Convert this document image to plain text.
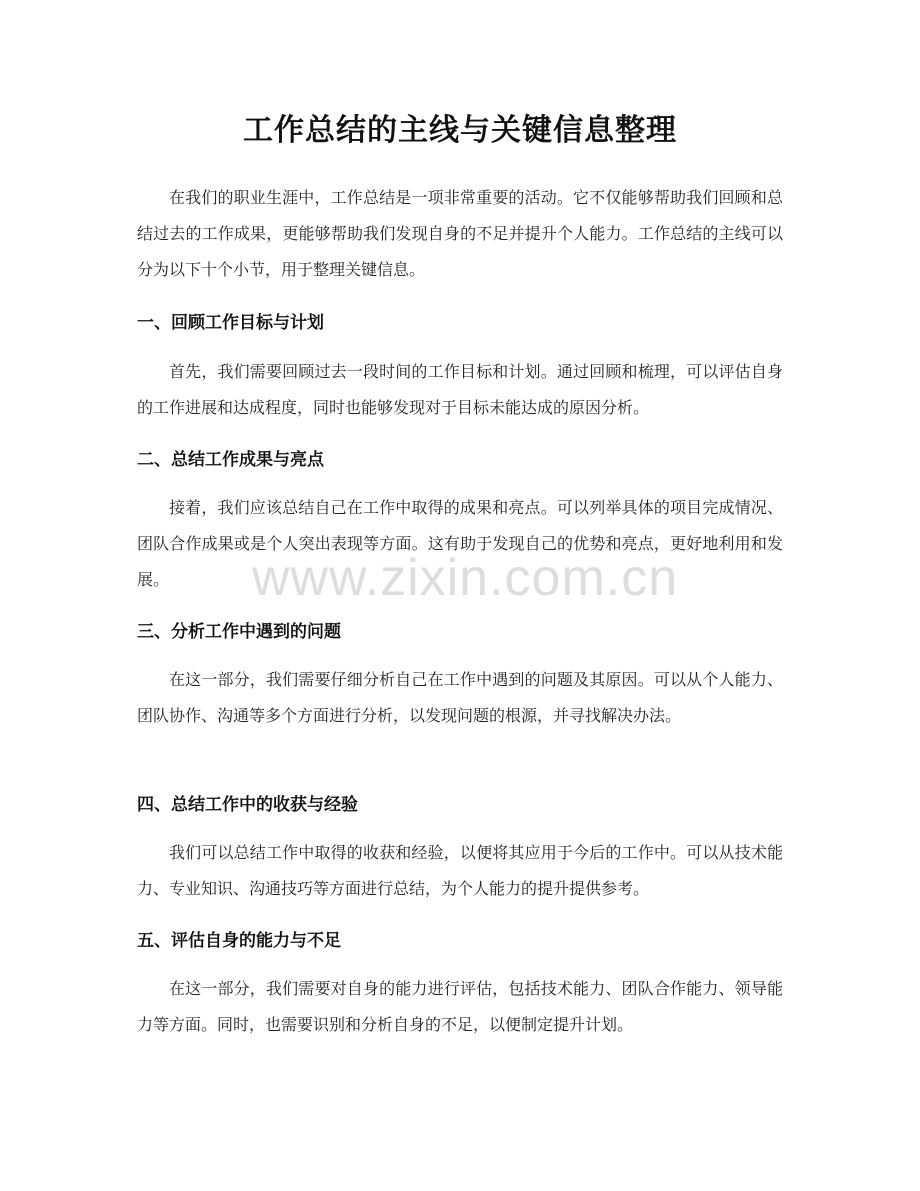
工作总结的主线与关键信息整理

在我们的职业生涯中，工作总结是一项非常重要的活动。它不仅能够帮助我们回顾和总结过去的工作成果，更能够帮助我们发现自身的不足并提升个人能力。工作总结的主线可以分为以下十个小节，用于整理关键信息。

一、回顾工作目标与计划

首先，我们需要回顾过去一段时间的工作目标和计划。通过回顾和梳理，可以评估自身的工作进展和达成程度，同时也能够发现对于目标未能达成的原因分析。

二、总结工作成果与亮点

接着，我们应该总结自己在工作中取得的成果和亮点。可以列举具体的项目完成情况、团队合作成果或是个人突出表现等方面。这有助于发现自己的优势和亮点，更好地利用和发展。

三、分析工作中遇到的问题

在这一部分，我们需要仔细分析自己在工作中遇到的问题及其原因。可以从个人能力、团队协作、沟通等多个方面进行分析，以发现问题的根源，并寻找解决办法。

四、总结工作中的收获与经验

我们可以总结工作中取得的收获和经验，以便将其应用于今后的工作中。可以从技术能力、专业知识、沟通技巧等方面进行总结，为个人能力的提升提供参考。

五、评估自身的能力与不足

在这一部分，我们需要对自身的能力进行评估，包括技术能力、团队合作能力、领导能力等方面。同时，也需要识别和分析自身的不足，以便制定提升计划。

www.zixin.com.cn
